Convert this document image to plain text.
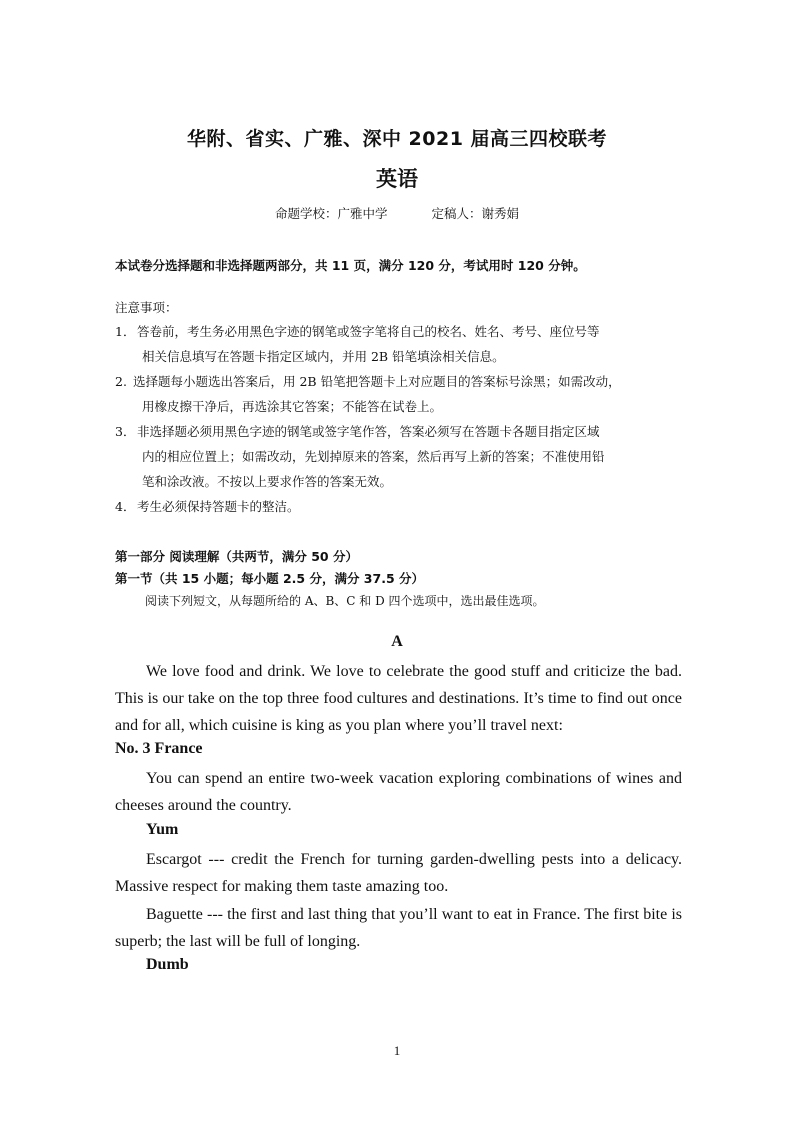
华附、省实、广雅、深中 2021 届高三四校联考
英语
命题学校：广雅中学	定稿人：谢秀娟
本试卷分选择题和非选择题两部分，共 11 页，满分 120 分，考试用时 120 分钟。
注意事项：
1． 答卷前，考生务必用黑色字迹的钢笔或签字笔将自己的校名、姓名、考号、座位号等
相关信息填写在答题卡指定区域内，并用 2B 铅笔填涂相关信息。
2. 选择题每小题选出答案后，用 2B 铅笔把答题卡上对应题目的答案标号涂黑；如需改动，
用橡皮擦干净后，再选涂其它答案；不能答在试卷上。
3． 非选择题必须用黑色字迹的钢笔或签字笔作答，答案必须写在答题卡各题目指定区域
内的相应位置上；如需改动，先划掉原来的答案，然后再写上新的答案；不准使用铅
笔和涂改液。不按以上要求作答的答案无效。
4． 考生必须保持答题卡的整洁。
第一部分 阅读理解（共两节，满分 50 分）
第一节（共 15 小题；每小题 2.5 分，满分 37.5 分）
阅读下列短文，从每题所给的 A、B、C 和 D 四个选项中，选出最佳选项。
A
We love food and drink. We love to celebrate the good stuff and criticize the bad. This is our take on the top three food cultures and destinations. It’s time to find out once and for all, which cuisine is king as you plan where you’ll travel next:
No. 3 France
You can spend an entire two-week vacation exploring combinations of wines and cheeses around the country.
Yum
Escargot --- credit the French for turning garden-dwelling pests into a delicacy. Massive respect for making them taste amazing too.
Baguette --- the first and last thing that you’ll want to eat in France. The first bite is superb; the last will be full of longing.
Dumb
1
